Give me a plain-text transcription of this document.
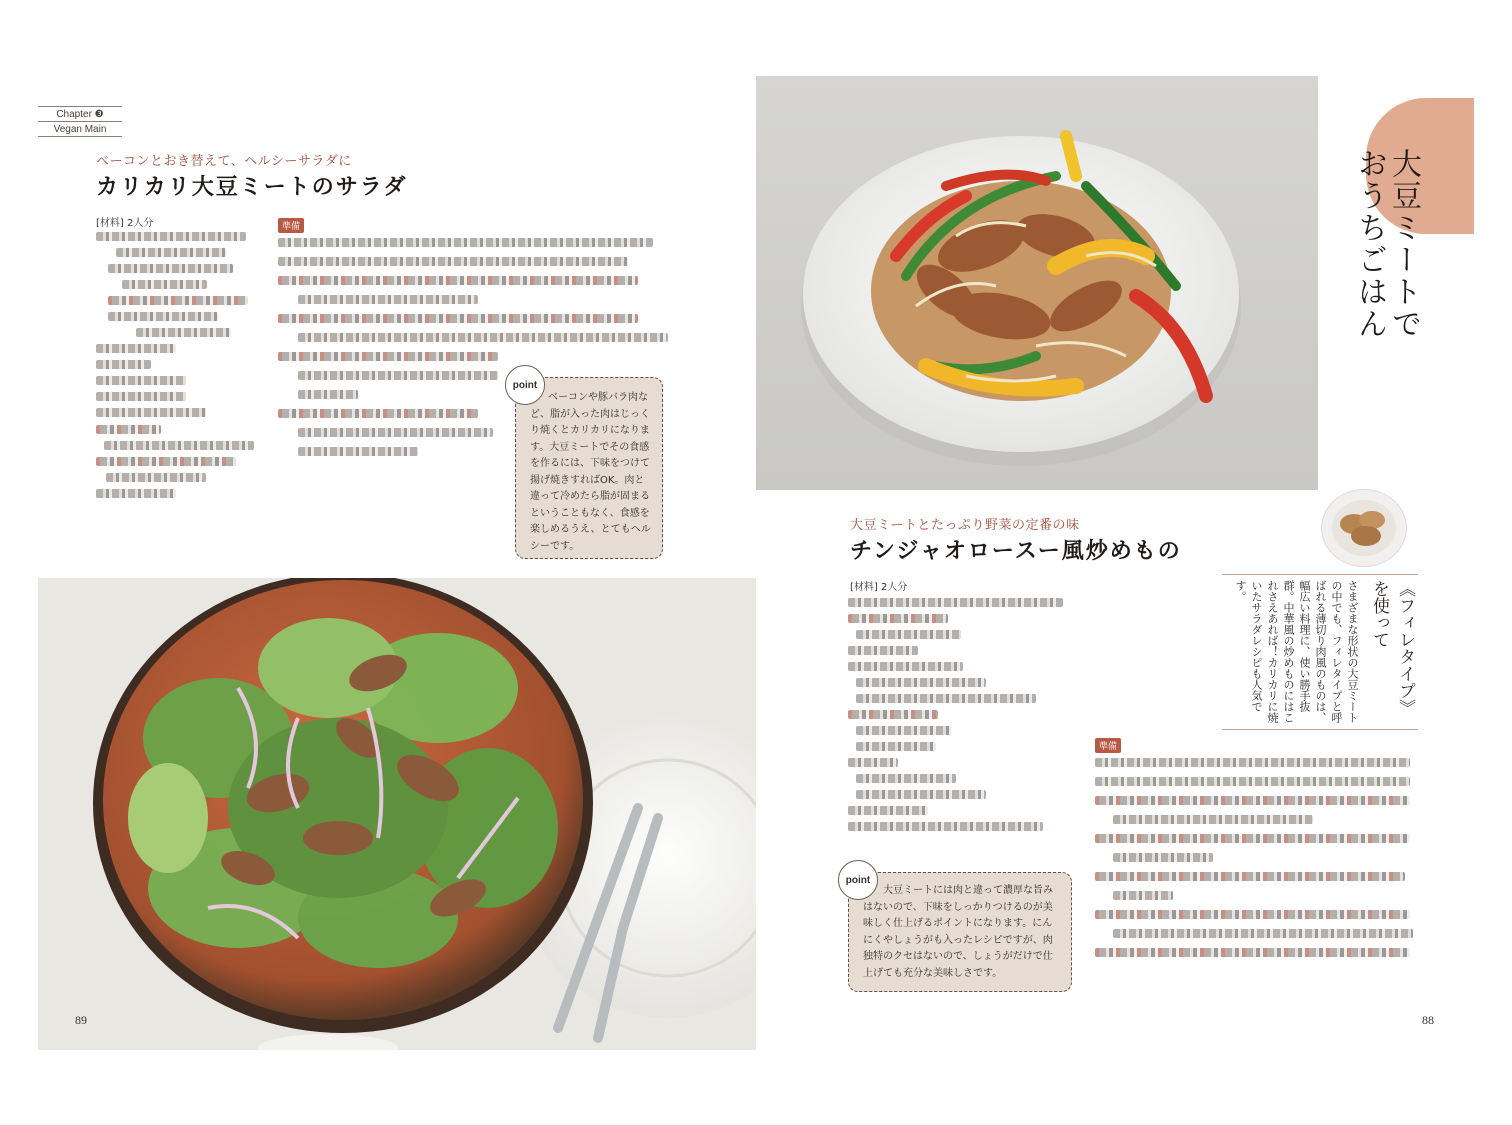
Chapter ❸
Vegan Main
ベーコンとおき替えて、ヘルシーサラダに
カリカリ大豆ミートのサラダ
[材料] 2人分	準備
ベーコンや豚バラ肉など、脂が入った肉はじっくり焼くとカリカリになります。大豆ミートでその食感を作るには、下味をつけて揚げ焼きすればOK。肉と違って冷めたら脂が固まるということもなく、食感を楽しめるうえ、とてもヘルシーです。
point
89
大豆ミートでおうちごはん
大豆ミートとたっぷり野菜の定番の味
チンジャオロースー風炒めもの
《フィレタイプ》を使って
さまざまな形状の大豆ミートの中でも、フィレタイプと呼ばれる薄切り肉風のものは、幅広い料理に、使い勝手抜群。中華風の炒めものにはこれさえあれば！カリカリに焼いたサラダレシピも人気です。
[材料] 2人分
準備
大豆ミートには肉と違って濃厚な旨みはないので、下味をしっかりつけるのが美味しく仕上げるポイントになります。にんにくやしょうがも入ったレシピですが、肉独特のクセはないので、しょうがだけで仕上げても充分な美味しさです。
point
88
